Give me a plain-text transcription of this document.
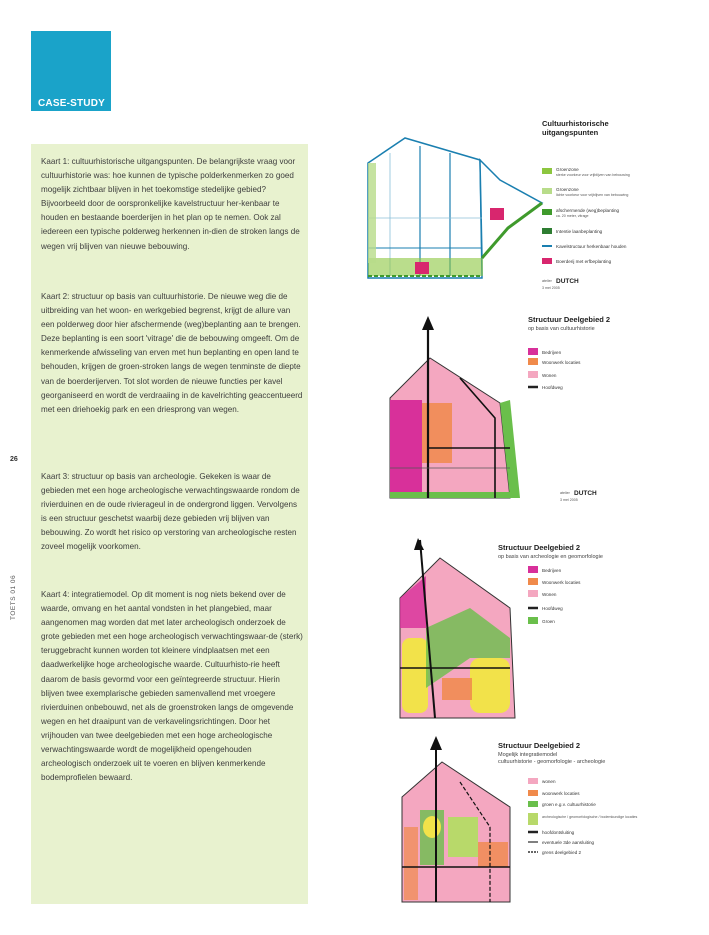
CASE-STUDY

Kaart 1: cultuurhistorische uitgangspunten. De belangrijkste vraag voor cultuurhistorie was: hoe kunnen de typische polderkenmerken zo goed mogelijk zichtbaar blijven in het toekomstige stedelijke gebied? Bijvoorbeeld door de oorspronkelijke kavelstructuur her-kenbaar te houden en bestaande boerderijen in het plan op te nemen. Ook zal iedereen een typische polderweg herkennen in-dien de stroken langs de wegen vrij blijven van nieuwe bebouwing.

Kaart 2: structuur op basis van cultuurhistorie. De nieuwe weg die de uitbreiding van het woon- en werkgebied begrenst, krijgt de allure van een polderweg door hier afschermende (weg)beplanting aan te brengen. Deze beplanting is een soort 'vitrage' die de bebouwing omgeeft. Om de kenmerkende afwisseling van erven met hun beplanting en open land te behouden, krijgen de groen-stroken langs de wegen tenminste de diepte van de boerderijerven. Tot slot worden de nieuwe functies per kavel georganiseerd en wordt de verdraaiing in de kavelrichting geaccentueerd met een driehoekig park en een driesprong van wegen.

Kaart 3: structuur op basis van archeologie. Gekeken is waar de gebieden met een hoge archeologische verwachtingswaarde rondom de rivierduinen en de oude rivierageul in de ondergrond liggen. Vervolgens is een structuur geschetst waarbij deze gebieden vrij blijven van bebouwing. Zo wordt het risico op verstoring van archeologische resten zoveel mogelijk voorkomen.

Kaart 4: integratiemodel. Op dit moment is nog niets bekend over de waarde, omvang en het aantal vondsten in het plangebied, maar aangenomen mag worden dat met later archeologisch onderzoek de grote gebieden met een hoge archeologisch verwachtingswaar-de (sterk) teruggebracht kunnen worden tot kleinere vindplaatsen met een daadwerkelijke hoge archeologische waarde. Cultuurhisto-rie heeft daarom de basis gevormd voor een geïntegreerde structuur. Hierin blijven twee exemplarische gebieden samenvallend met vroegere rivierduinen onbebouwd, net als de groenstroken langs de omgevende wegen en het draaipunt van de verkavelingsrichtingen. Door het vrijhouden van twee deelgebieden met een hoge archeologische verwachtingswaarde wordt de mogelijkheid opengehouden archeologisch onderzoek uit te voeren en blijven kenmerkende bodemprofielen bewaard.

26
TOETS 01 06
Cultuurhistorische
uitgangspunten
Groenzone
sterke voorkeur voor vrijblijven van bebouwing
Groenzone
lichte voorkeur voor vrijblijven van bebouwing
afschermende (weg)beplanting
ca. 20 meter, vitrage
Intentie laanbeplanting
Kavelstructuur herkenbaar houden
Boerderij met erfbeplanting
atelier DUTCH
3 mei 2005
Structuur Deelgebied 2
op basis van cultuurhistorie
Bedrijven
Woonwerk locaties
Wonen
Hoofdweg
atelier DUTCH
3 mei 2005
Structuur Deelgebied 2
op basis van archeologie en geomorfologie
Bedrijven
Woonwerk locaties
Wonen
Hoofdweg
Groen
Structuur Deelgebied 2
Mogelijk integratiemodel
cultuurhistorie - geomorfologie - archeologie
wonen
woonwerk locaties
groen e.g.v. cultuurhistorie
archeologische / geomorfologische / bodemkundige locaties
hoofdontsluiting
eventuele 3de aansluiting
grens deelgebied 2
